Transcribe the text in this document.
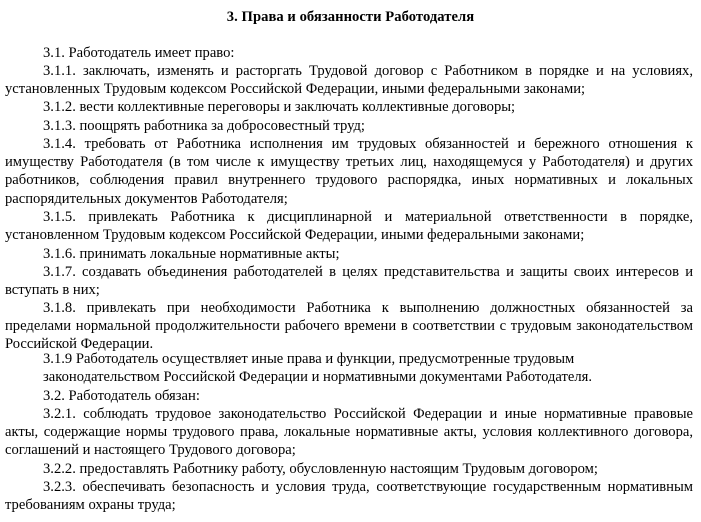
3. Права и обязанности Работодателя
3.1. Работодатель имеет право:
3.1.1. заключать, изменять и расторгать Трудовой договор с Работником в порядке и на условиях, установленных Трудовым кодексом Российской Федерации, иными федеральными законами;
3.1.2. вести коллективные переговоры и заключать коллективные договоры;
3.1.3. поощрять работника за добросовестный труд;
3.1.4. требовать от Работника исполнения им трудовых обязанностей и бережного отношения к имуществу Работодателя (в том числе к имуществу третьих лиц, находящемуся у Работодателя) и других работников, соблюдения правил внутреннего трудового распорядка, иных нормативных и локальных распорядительных документов Работодателя;
3.1.5. привлекать Работника к дисциплинарной и материальной ответственности в порядке, установленном Трудовым кодексом Российской Федерации, иными федеральными законами;
3.1.6. принимать локальные нормативные акты;
3.1.7. создавать объединения работодателей в целях представительства и защиты своих интересов и вступать в них;
3.1.8. привлекать при необходимости Работника к выполнению должностных обязанностей за пределами нормальной продолжительности рабочего времени в соответствии с трудовым законодательством Российской Федерации.
3.1.9 Работодатель осуществляет иные права и функции, предусмотренные трудовым законодательством Российской Федерации и нормативными документами Работодателя.
3.2. Работодатель обязан:
3.2.1. соблюдать трудовое законодательство Российской Федерации и иные нормативные правовые акты, содержащие нормы трудового права, локальные нормативные акты, условия коллективного договора, соглашений и настоящего Трудового договора;
3.2.2. предоставлять Работнику работу, обусловленную настоящим Трудовым договором;
3.2.3. обеспечивать безопасность и условия труда, соответствующие государственным нормативным требованиям охраны труда;
